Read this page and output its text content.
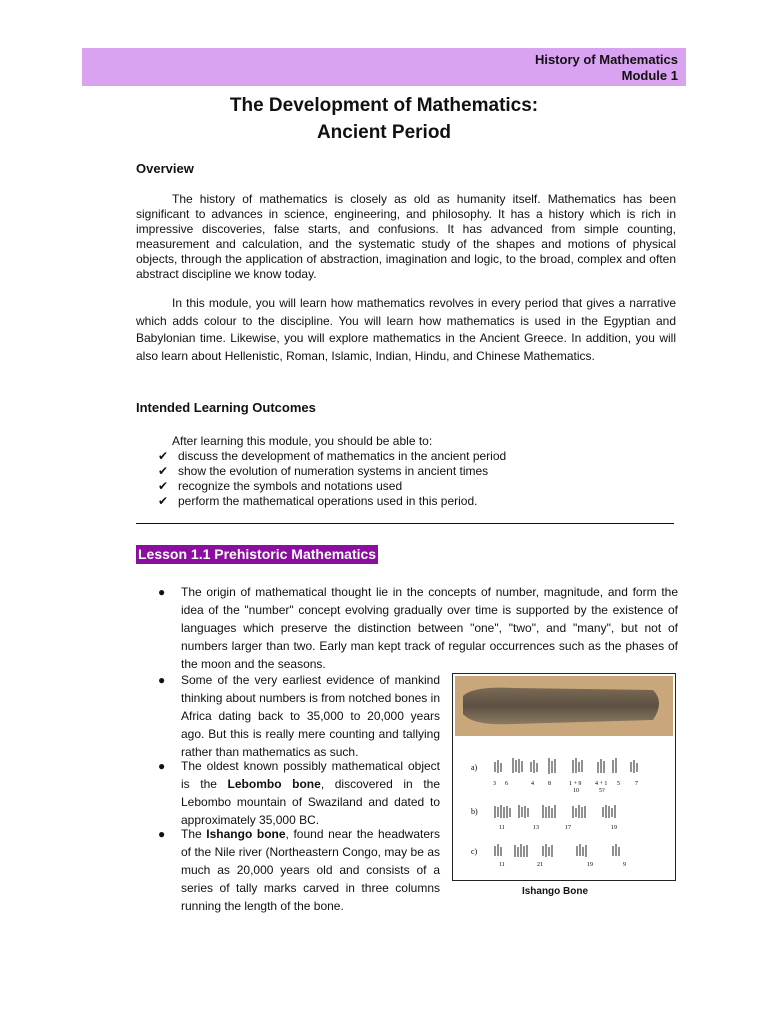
History of Mathematics
Module 1
The Development of Mathematics:
Ancient Period
Overview
The history of mathematics is closely as old as humanity itself. Mathematics has been significant to advances in science, engineering, and philosophy. It has a history which is rich in impressive discoveries, false starts, and confusions. It has advanced from simple counting, measurement and calculation, and the systematic study of the shapes and motions of physical objects, through the application of abstraction, imagination and logic, to the broad, complex and often abstract discipline we know today.
In this module, you will learn how mathematics revolves in every period that gives a narrative which adds colour to the discipline. You will learn how mathematics is used in the Egyptian and Babylonian time. Likewise, you will explore mathematics in the Ancient Greece. In addition, you will also learn about Hellenistic, Roman, Islamic, Indian, Hindu, and Chinese Mathematics.
Intended Learning Outcomes
After learning this module, you should be able to:
✔ discuss the development of mathematics in the ancient period
✔ show the evolution of numeration systems in ancient times
✔ recognize the symbols and notations used
✔ perform the mathematical operations used in this period.
Lesson 1.1 Prehistoric Mathematics
● The origin of mathematical thought lie in the concepts of number, magnitude, and form the idea of the "number" concept evolving gradually over time is supported by the existence of languages which preserve the distinction between "one", "two", and "many", but not of numbers larger than two. Early man kept track of regular occurrences such as the phases of the moon and the seasons.
● Some of the very earliest evidence of mankind thinking about numbers is from notched bones in Africa dating back to 35,000 to 20,000 years ago. But this is really mere counting and tallying rather than mathematics as such.
● The oldest known possibly mathematical object is the Lebombo bone, discovered in the Lebombo mountain of Swaziland and dated to approximately 35,000 BC.
● The Ishango bone, found near the headwaters of the Nile river (Northeastern Congo, may be as much as 20,000 years old and consists of a series of tally marks carved in three columns running the length of the bone.
a)
b)
c)
3 6	4 8	1 + 9 4 + 1 5	7
10	5?
11	13	17	19
11	21	19	9
Ishango Bone
